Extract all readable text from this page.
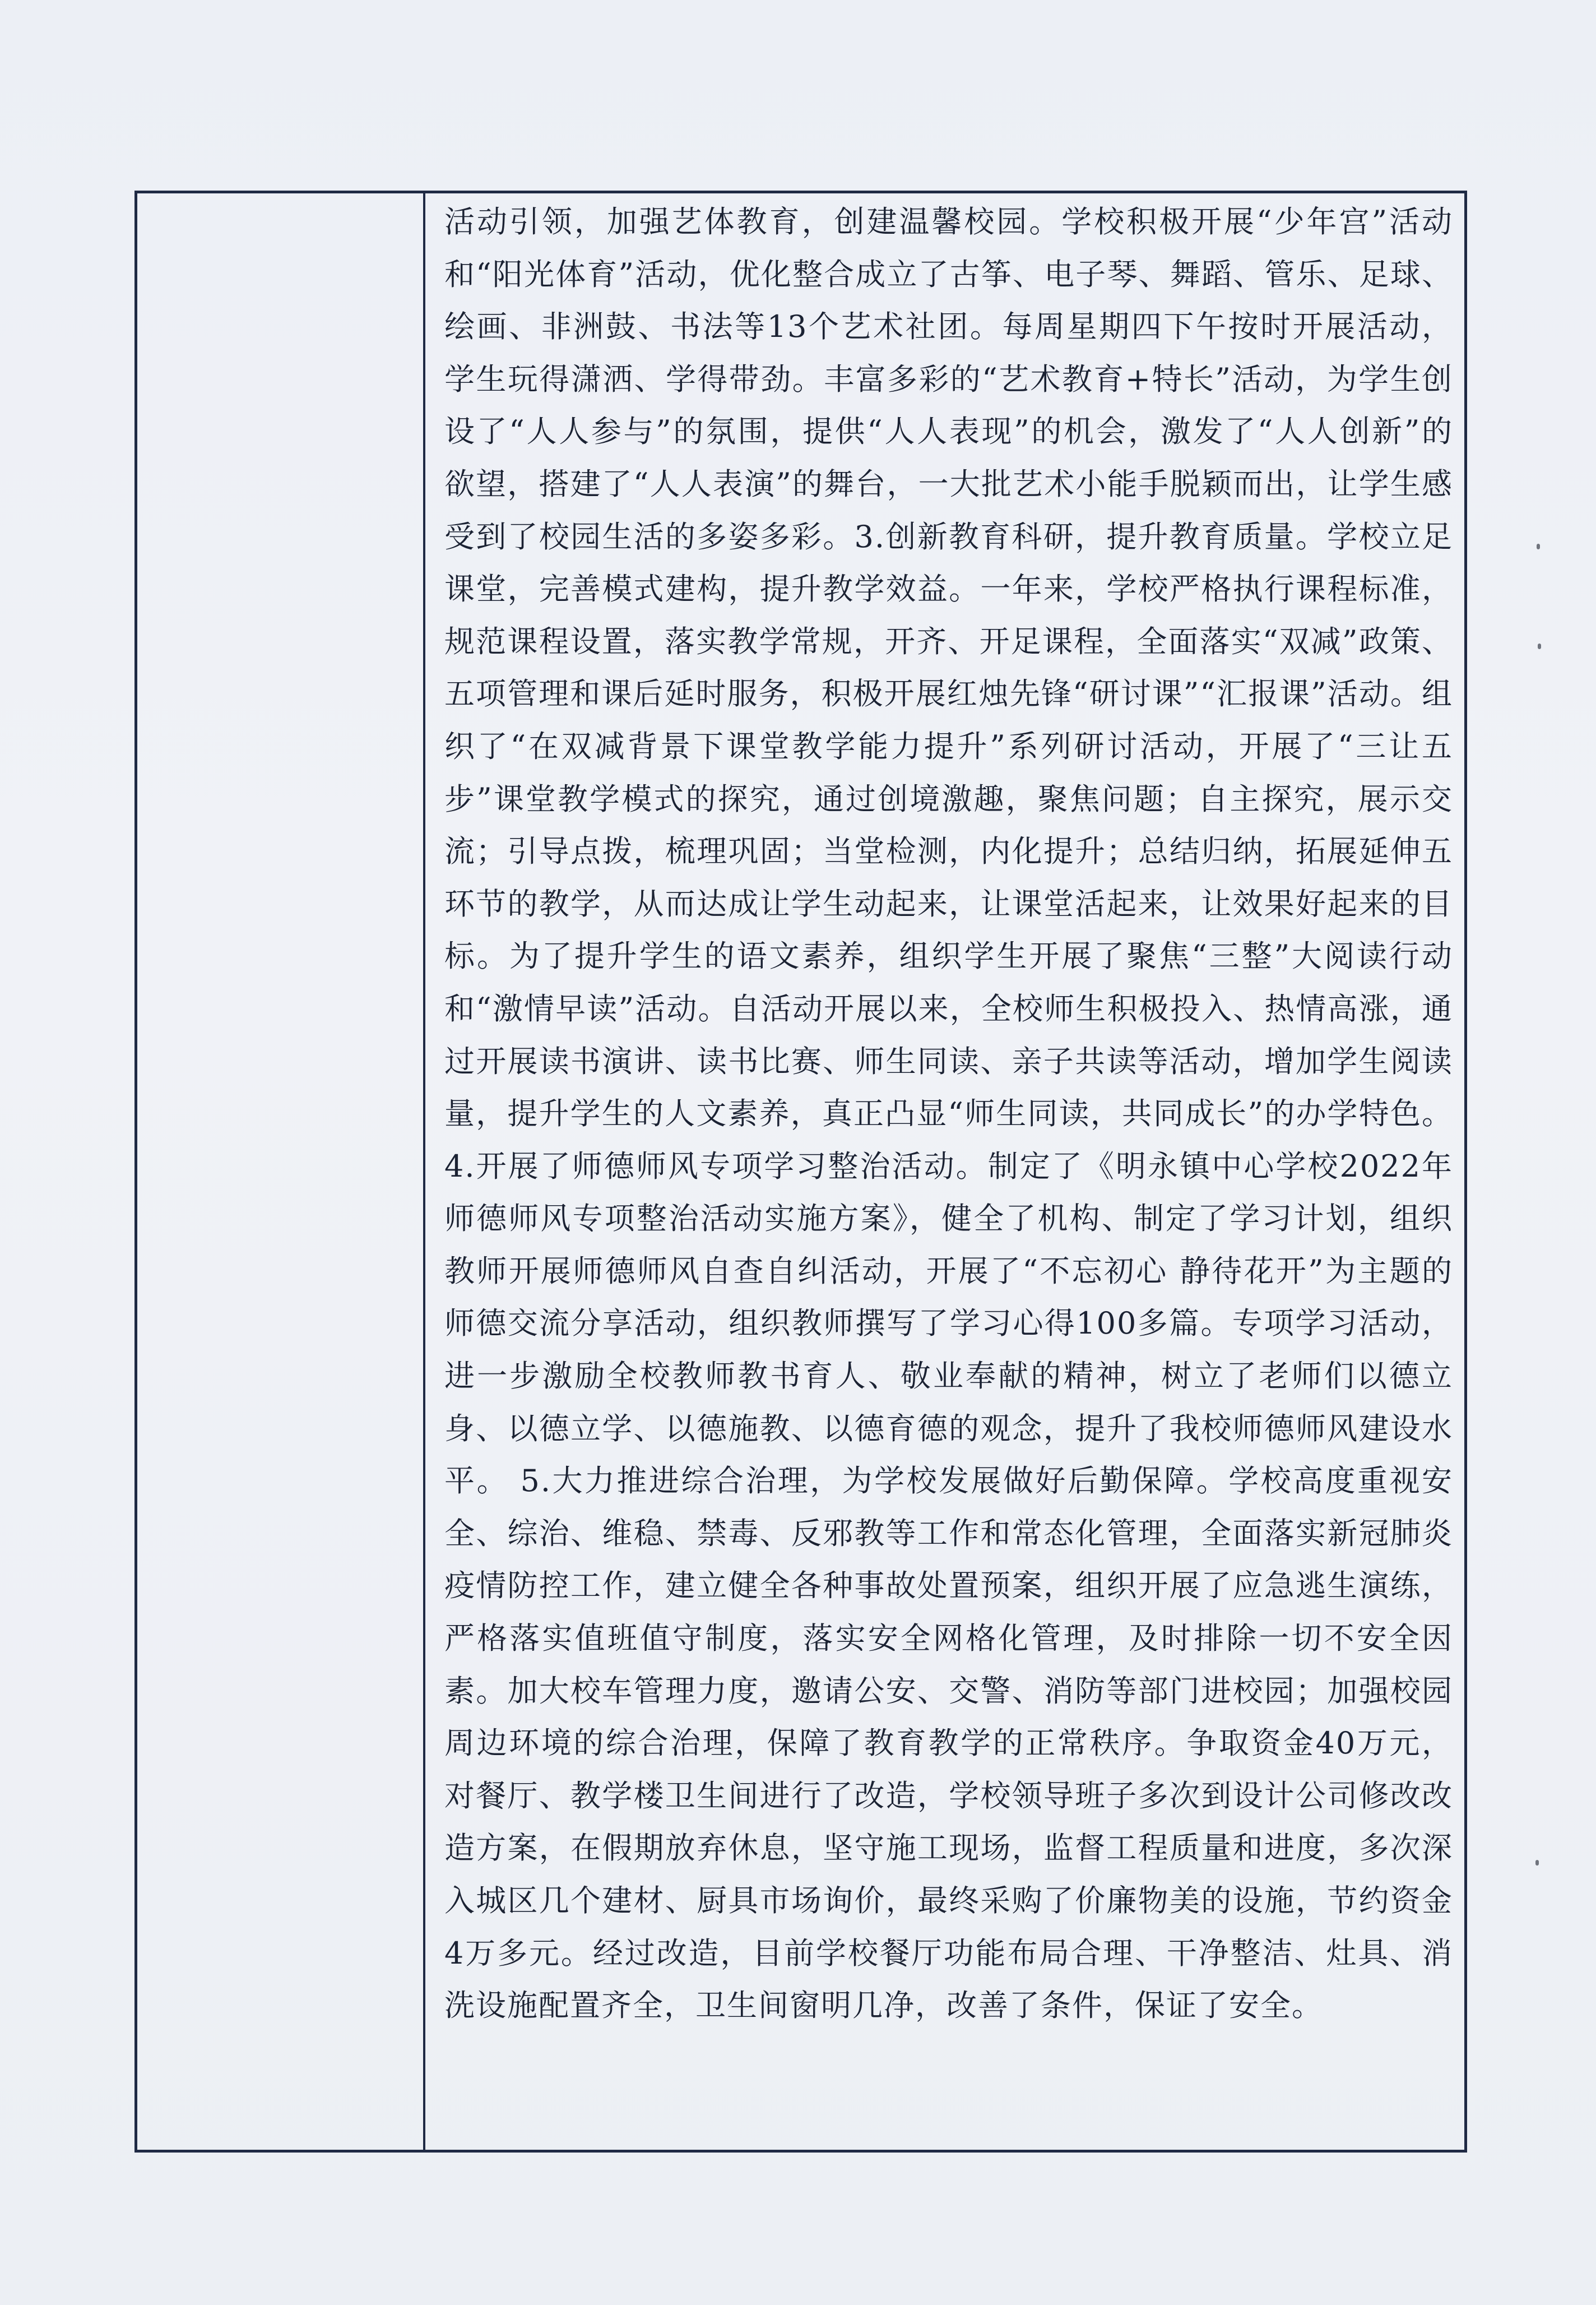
活动引领，加强艺体教育，创建温馨校园。学校积极开展“少年宫”活动和“阳光体育”活动，优化整合成立了古筝、电子琴、舞蹈、管乐、足球、绘画、非洲鼓、书法等13个艺术社团。每周星期四下午按时开展活动，学生玩得潇洒、学得带劲。丰富多彩的“艺术教育+特长”活动，为学生创设了“人人参与”的氛围，提供“人人表现”的机会，激发了“人人创新”的欲望，搭建了“人人表演”的舞台，一大批艺术小能手脱颖而出，让学生感受到了校园生活的多姿多彩。3.创新教育科研，提升教育质量。学校立足课堂，完善模式建构，提升教学效益。一年来，学校严格执行课程标准，规范课程设置，落实教学常规，开齐、开足课程，全面落实“双减”政策、五项管理和课后延时服务，积极开展红烛先锋“研讨课”“汇报课”活动。组织了“在双减背景下课堂教学能力提升”系列研讨活动，开展了“三让五步”课堂教学模式的探究，通过创境激趣，聚焦问题；自主探究，展示交流；引导点拨，梳理巩固；当堂检测，内化提升；总结归纳，拓展延伸五环节的教学，从而达成让学生动起来，让课堂活起来，让效果好起来的目标。为了提升学生的语文素养，组织学生开展了聚焦“三整”大阅读行动和“激情早读”活动。自活动开展以来，全校师生积极投入、热情高涨，通过开展读书演讲、读书比赛、师生同读、亲子共读等活动，增加学生阅读量，提升学生的人文素养，真正凸显“师生同读，共同成长”的办学特色。 4.开展了师德师风专项学习整治活动。制定了《明永镇中心学校2022年师德师风专项整治活动实施方案》，健全了机构、制定了学习计划，组织教师开展师德师风自查自纠活动，开展了“不忘初心 静待花开”为主题的师德交流分享活动，组织教师撰写了学习心得100多篇。专项学习活动，进一步激励全校教师教书育人、敬业奉献的精神，树立了老师们以德立身、以德立学、以德施教、以德育德的观念，提升了我校师德师风建设水平。 5.大力推进综合治理，为学校发展做好后勤保障。学校高度重视安全、综治、维稳、禁毒、反邪教等工作和常态化管理，全面落实新冠肺炎疫情防控工作，建立健全各种事故处置预案，组织开展了应急逃生演练，严格落实值班值守制度，落实安全网格化管理，及时排除一切不安全因素。加大校车管理力度，邀请公安、交警、消防等部门进校园；加强校园周边环境的综合治理，保障了教育教学的正常秩序。争取资金40万元，对餐厅、教学楼卫生间进行了改造，学校领导班子多次到设计公司修改改造方案，在假期放弃休息，坚守施工现场，监督工程质量和进度，多次深入城区几个建材、厨具市场询价，最终采购了价廉物美的设施，节约资金4万多元。经过改造，目前学校餐厅功能布局合理、干净整洁、灶具、消洗设施配置齐全，卫生间窗明几净，改善了条件，保证了安全。
